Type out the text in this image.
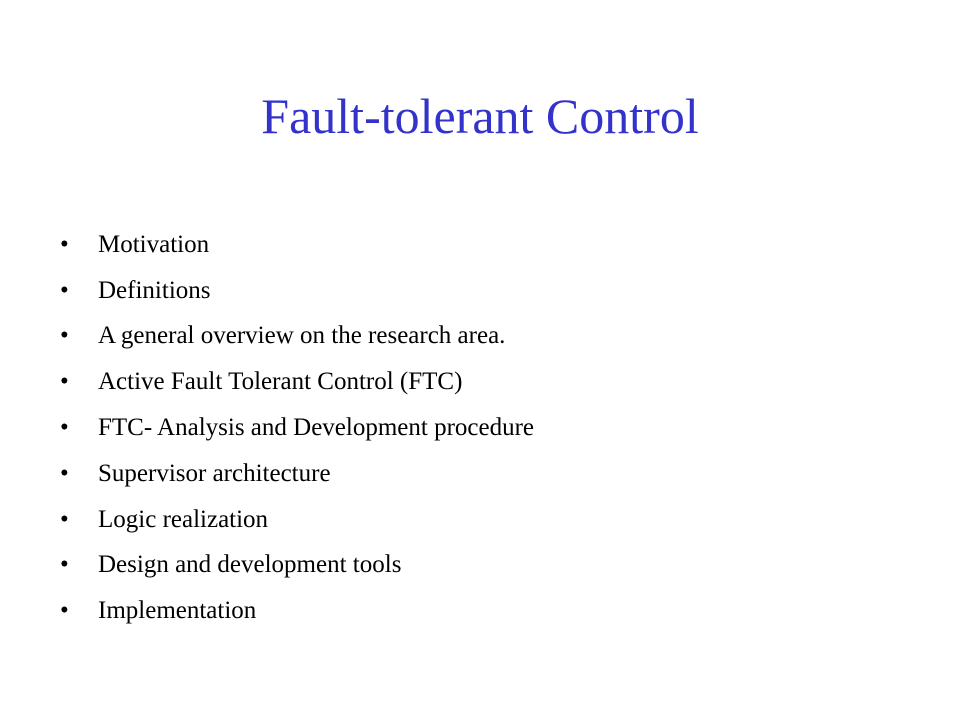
Fault-tolerant Control
•	Motivation
•	Definitions
•	A general overview on the research area.
•	Active Fault Tolerant Control (FTC)
•	FTC- Analysis and Development procedure
•	Supervisor architecture
•	Logic realization
•	Design and development tools
•	Implementation
